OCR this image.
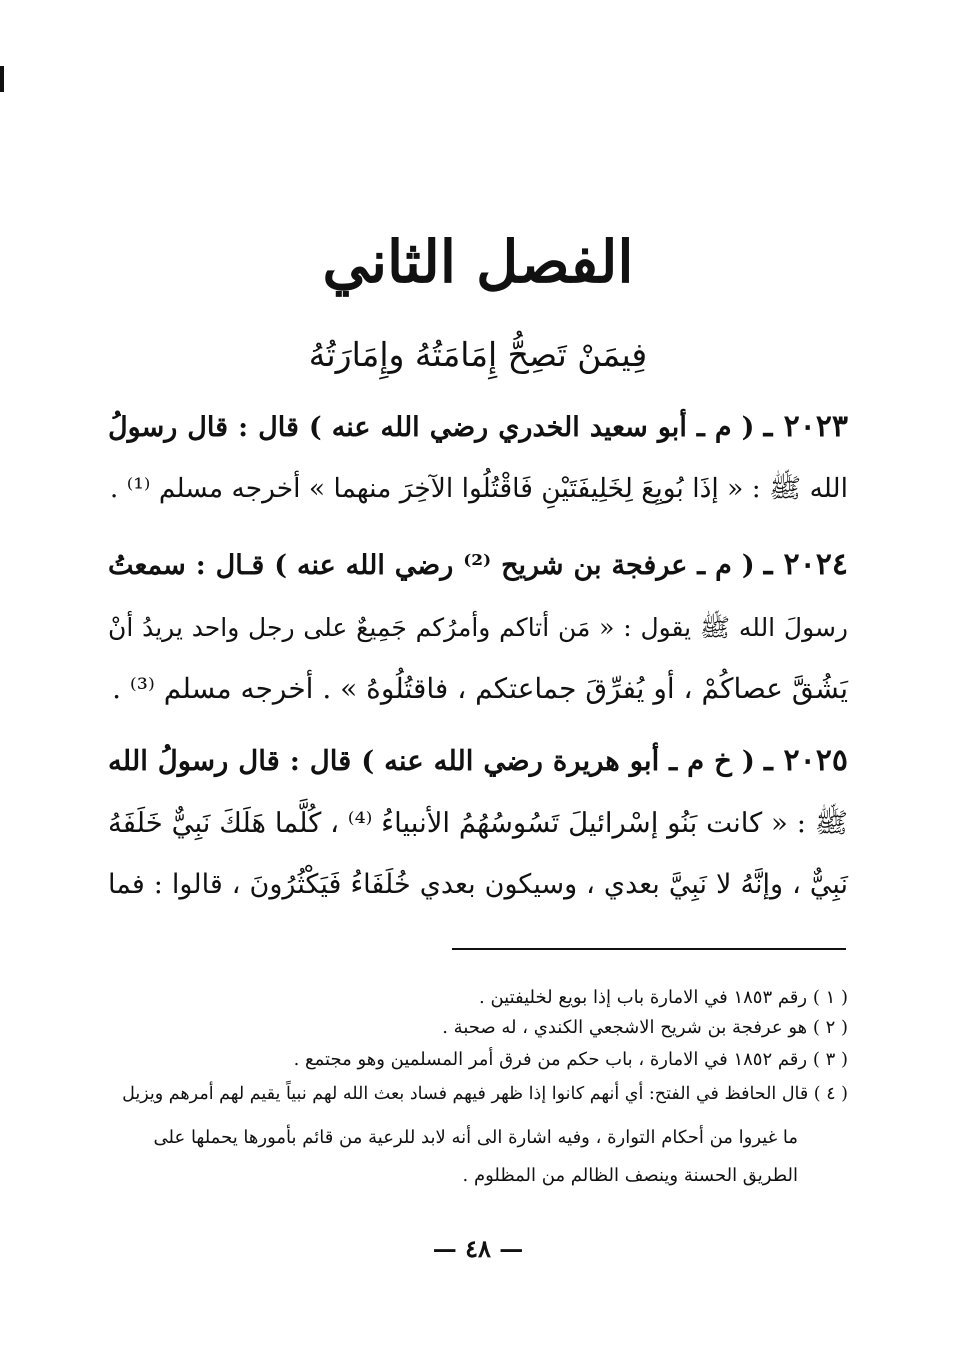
الفصل الثاني
فِيمَنْ تَصِحُّ إِمَامَتُهُ وإِمَارَتُهُ
٢٠٢٣ ـ ( م ـ أبو سعيد الخدري رضي الله عنه ) قال : قال رسولُ
الله ﷺ : « إذَا بُويِعَ لِخَلِيفَتَيْنِ فَاقْتُلُوا الآخِرَ منهما » أخرجه مسلم ⁽¹⁾ .
٢٠٢٤ ـ ( م ـ عرفجة بن شريح ⁽²⁾ رضي الله عنه ) قـال : سمعتُ
رسولَ الله ﷺ يقول : « مَن أتاكم وأمرُكم جَمِيعٌ على رجل واحد يريدُ أنْ
يَشُقَّ عصاكُمْ ، أو يُفرِّقَ جماعتكم ، فاقتُلُوهُ » . أخرجه مسلم ⁽³⁾ .
٢٠٢٥ ـ ( خ م ـ أبو هريرة رضي الله عنه ) قال : قال رسولُ الله
ﷺ : « كانت بَنُو إسْرائيلَ تَسُوسُهُمُ الأنبياءُ ⁽⁴⁾ ، كُلَّما هَلَكَ نَبِيٌّ خَلَفَهُ
نَبِيٌّ ، وإنَّهُ لا نَبِيَّ بعدي ، وسيكون بعدي خُلَفَاءُ فَيَكْثُرُونَ ، قالوا : فما
( ١ ) رقم ١٨٥٣ في الامارة باب إذا بويع لخليفتين .
( ٢ ) هو عرفجة بن شريح الاشجعي الكندي ، له صحبة .
( ٣ ) رقم ١٨٥٢ في الامارة ، باب حكم من فرق أمر المسلمين وهو مجتمع .
( ٤ ) قال الحافظ في الفتح: أي أنهم كانوا إذا ظهر فيهم فساد بعث الله لهم نبياً يقيم لهم أمرهم ويزيل
ما غيروا من أحكام التوارة ، وفيه اشارة الى أنه لابد للرعية من قائم بأمورها يحملها على
الطريق الحسنة وينصف الظالم من المظلوم .
— ٤٨ —
